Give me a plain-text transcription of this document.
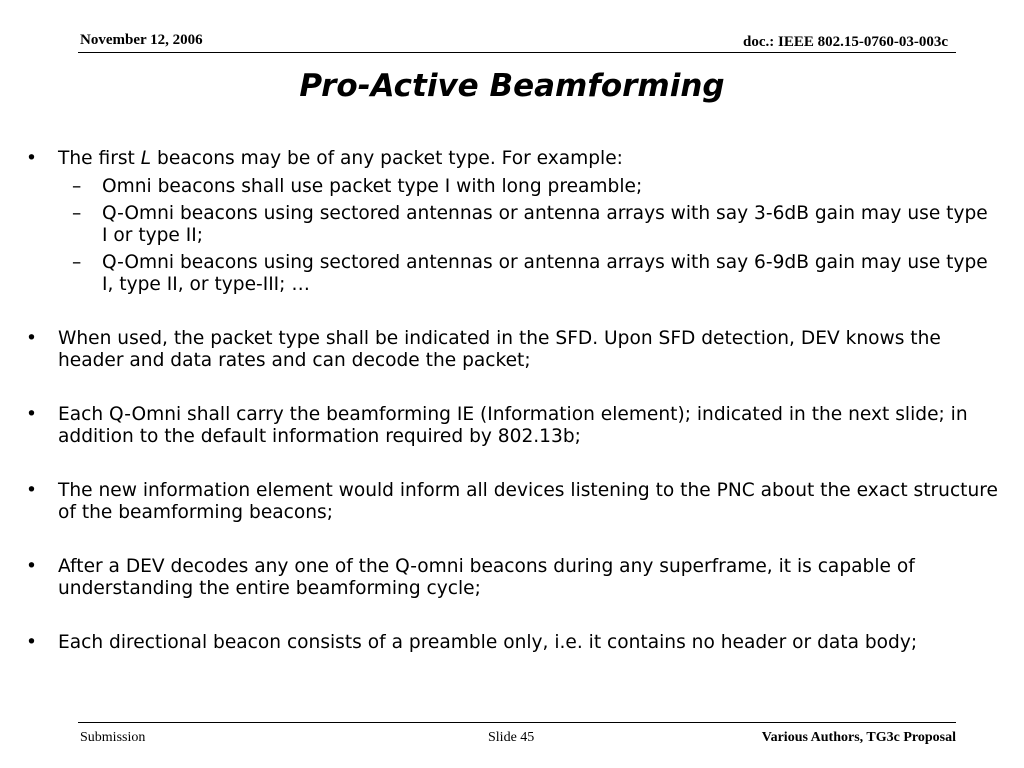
November 12, 2006	doc.: IEEE 802.15-0760-03-003c
Pro-Active Beamforming

• The first L beacons may be of any packet type. For example:

– Omni beacons shall use packet type I with long preamble;

– Q-Omni beacons using sectored antennas or antenna arrays with say 3-6dB gain may use type I or type II;

– Q-Omni beacons using sectored antennas or antenna arrays with say 6-9dB gain may use type I, type II, or type-III; …

• When used, the packet type shall be indicated in the SFD. Upon SFD detection, DEV knows the header and data rates and can decode the packet;

• Each Q-Omni shall carry the beamforming IE (Information element); indicated in the next slide; in addition to the default information required by 802.13b;

• The new information element would inform all devices listening to the PNC about the exact structure of the beamforming beacons;

• After a DEV decodes any one of the Q-omni beacons during any superframe, it is capable of understanding the entire beamforming cycle;

• Each directional beacon consists of a preamble only, i.e. it contains no header or data body;

Submission	Slide 45	Various Authors, TG3c Proposal
